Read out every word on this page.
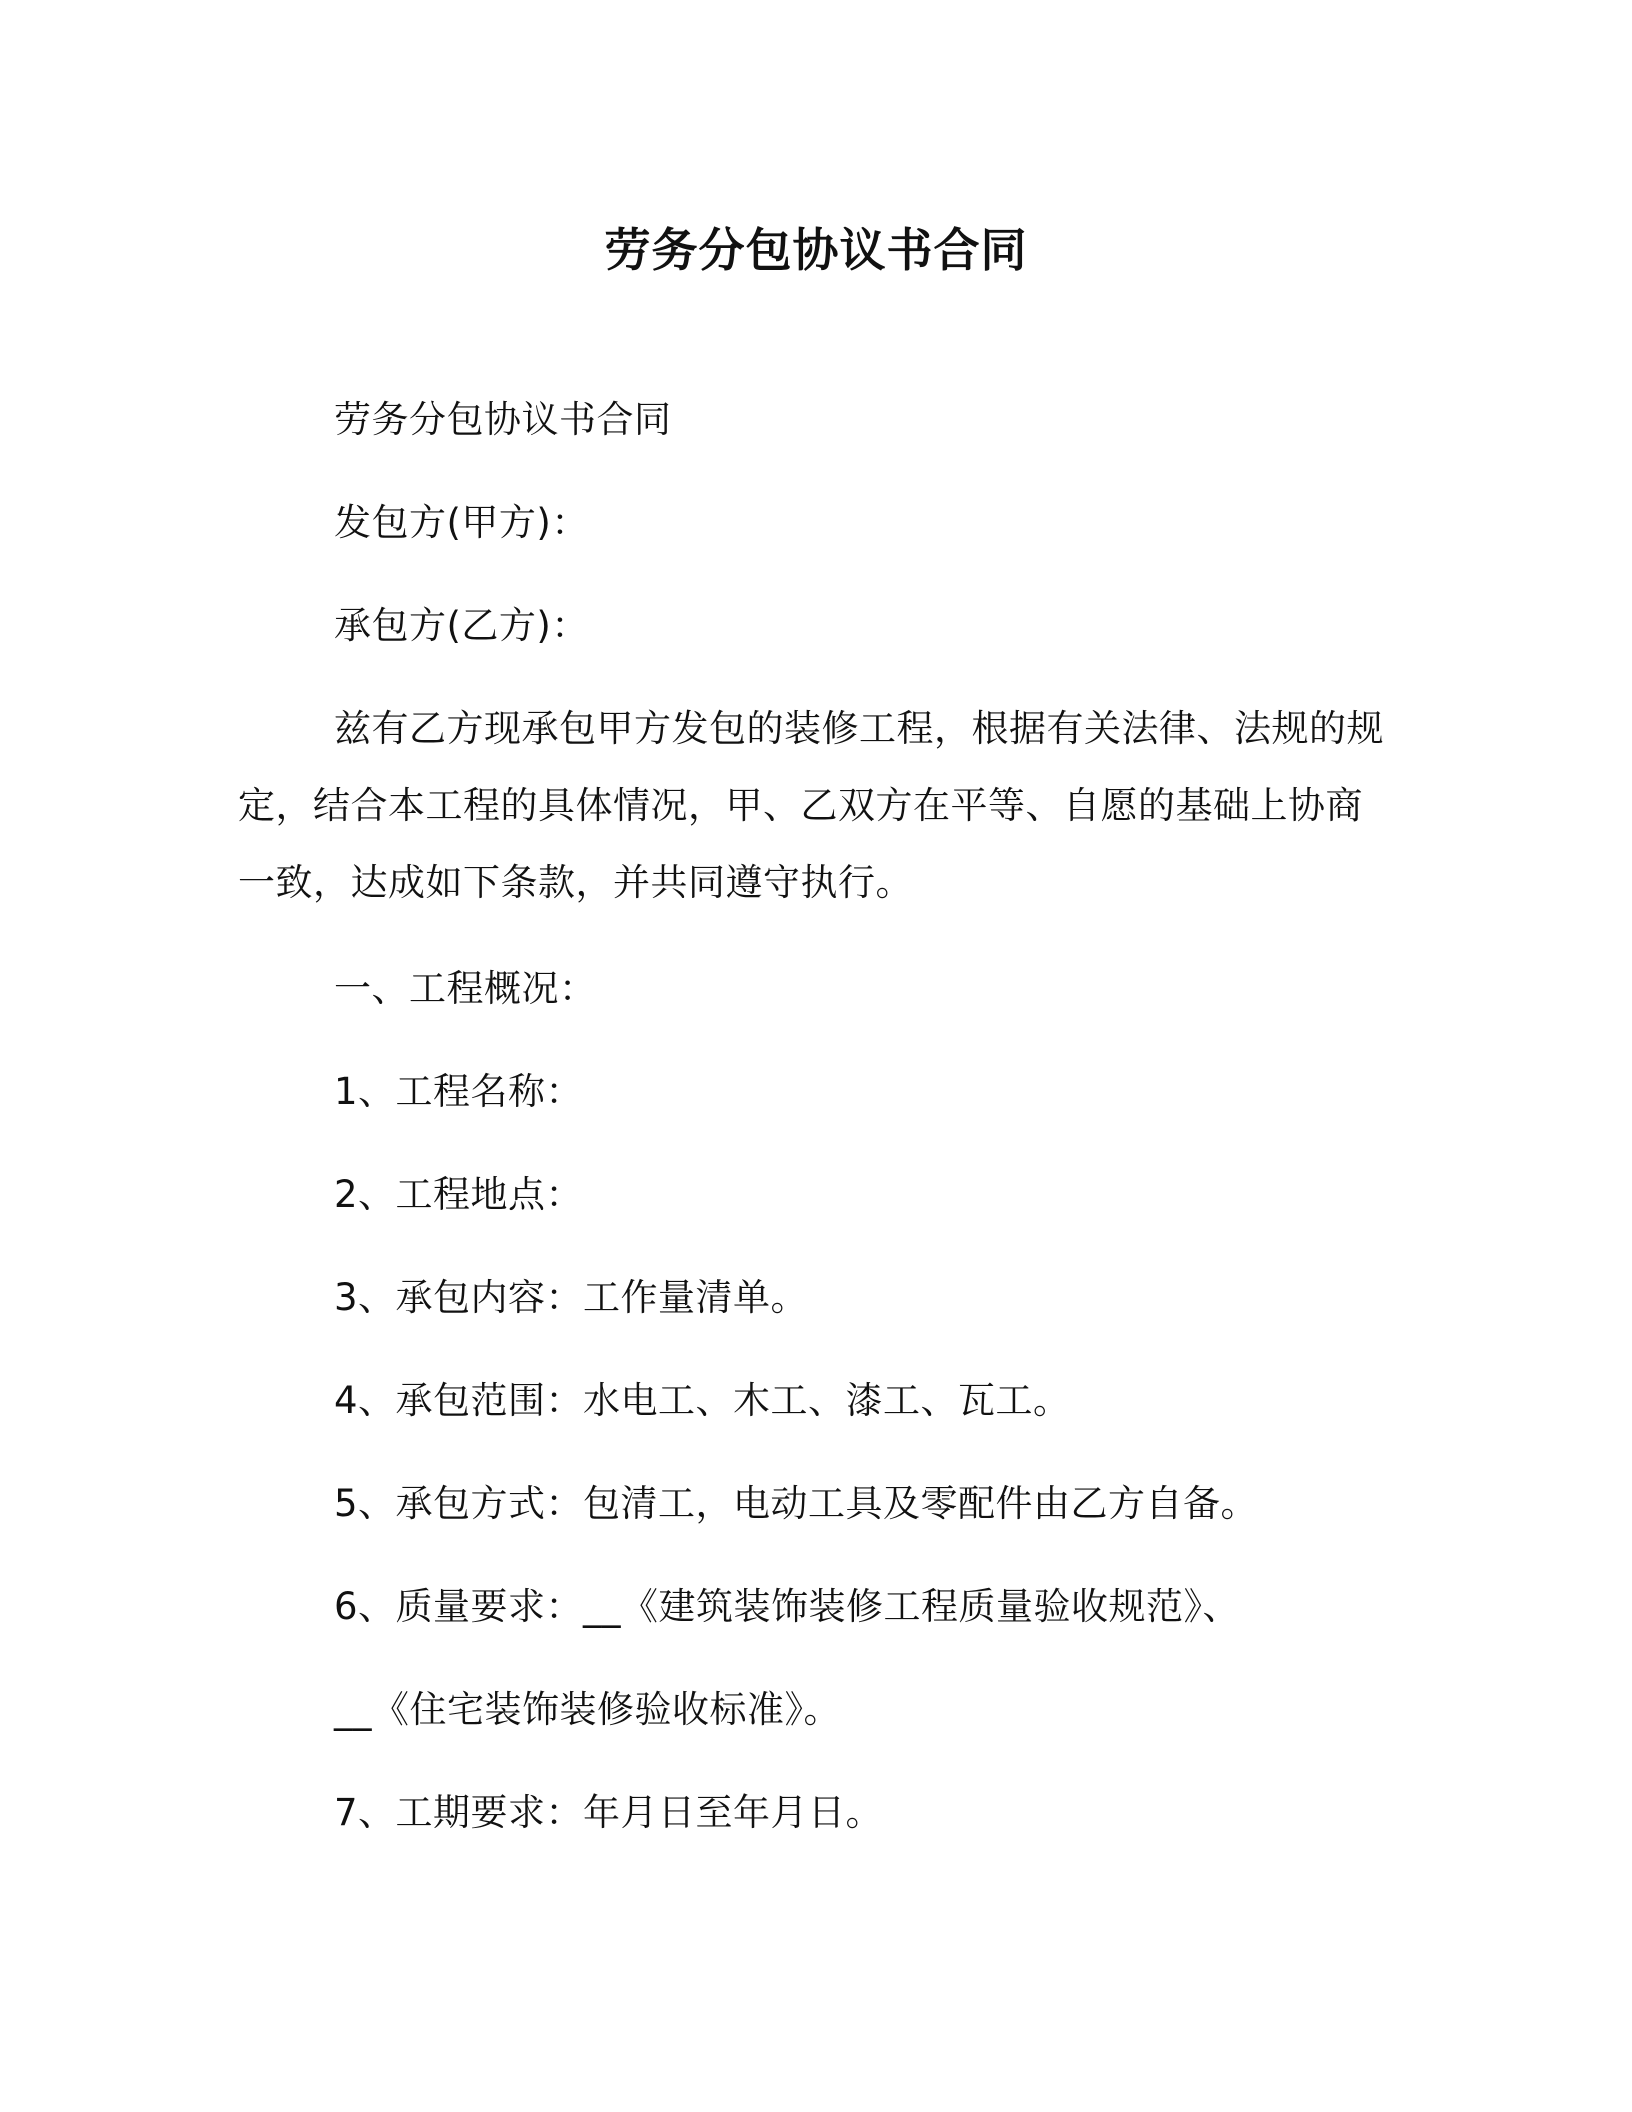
劳务分包协议书合同
劳务分包协议书合同
发包方(甲方)：
承包方(乙方)：
兹有乙方现承包甲方发包的装修工程，根据有关法律、法规的规
定，结合本工程的具体情况，甲、乙双方在平等、自愿的基础上协商
一致，达成如下条款，并共同遵守执行。
一、工程概况：
1、工程名称：
2、工程地点：
3、承包内容：工作量清单。
4、承包范围：水电工、木工、漆工、瓦工。
5、承包方式：包清工，电动工具及零配件由乙方自备。
6、质量要求：__《建筑装饰装修工程质量验收规范》、
__《住宅装饰装修验收标准》。
7、工期要求：年月日至年月日。
